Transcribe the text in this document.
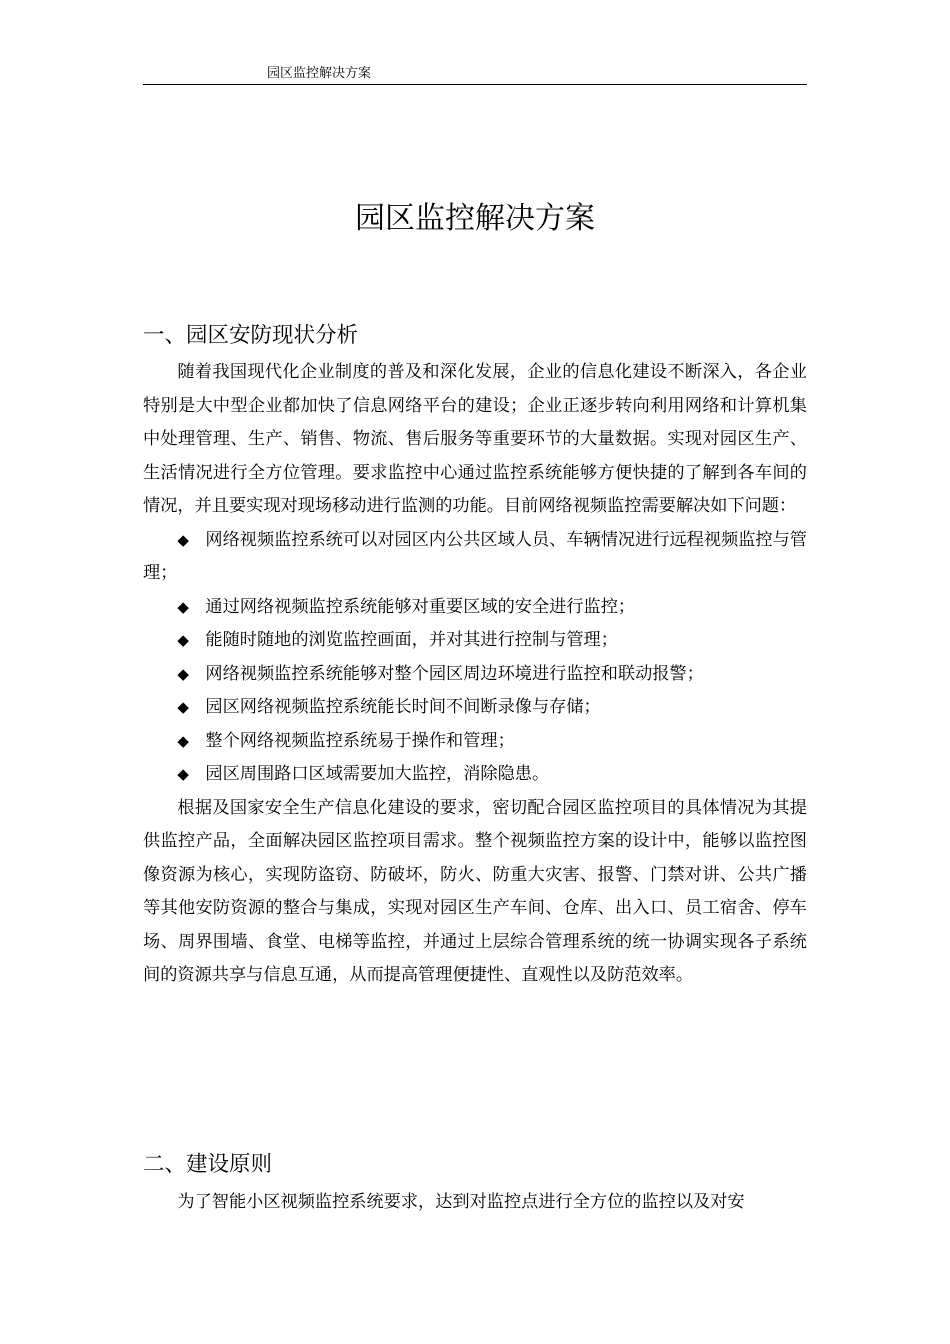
园区监控解决方案
园区监控解决方案
一、园区安防现状分析

随着我国现代化企业制度的普及和深化发展，企业的信息化建设不断深入，各企业特别是大中型企业都加快了信息网络平台的建设；企业正逐步转向利用网络和计算机集中处理管理、生产、销售、物流、售后服务等重要环节的大量数据。实现对园区生产、生活情况进行全方位管理。要求监控中心通过监控系统能够方便快捷的了解到各车间的情况，并且要实现对现场移动进行监测的功能。目前网络视频监控需要解决如下问题：

◆ 网络视频监控系统可以对园区内公共区域人员、车辆情况进行远程视频监控与管理；
◆ 通过网络视频监控系统能够对重要区域的安全进行监控；
◆ 能随时随地的浏览监控画面，并对其进行控制与管理；
◆ 网络视频监控系统能够对整个园区周边环境进行监控和联动报警；
◆ 园区网络视频监控系统能长时间不间断录像与存储；
◆ 整个网络视频监控系统易于操作和管理；
◆ 园区周围路口区域需要加大监控，消除隐患。

根据及国家安全生产信息化建设的要求，密切配合园区监控项目的具体情况为其提供监控产品，全面解决园区监控项目需求。整个视频监控方案的设计中，能够以监控图像资源为核心，实现防盗窃、防破坏，防火、防重大灾害、报警、门禁对讲、公共广播等其他安防资源的整合与集成，实现对园区生产车间、仓库、出入口、员工宿舍、停车场、周界围墙、食堂、电梯等监控，并通过上层综合管理系统的统一协调实现各子系统间的资源共享与信息互通，从而提高管理便捷性、直观性以及防范效率。

二、建设原则

为了智能小区视频监控系统要求，达到对监控点进行全方位的监控以及对安
